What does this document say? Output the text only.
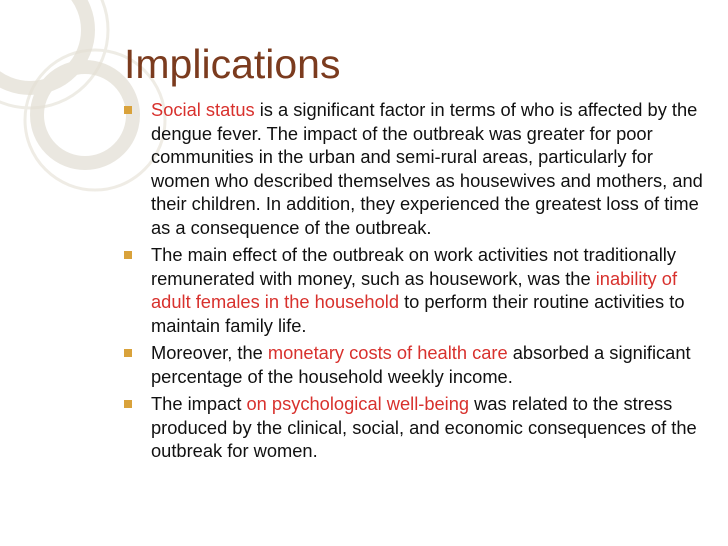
Implications
Social status is a significant factor in terms of who is affected by the dengue fever. The impact of the outbreak was greater for poor communities in the urban and semi-rural areas, particularly for women who described themselves as housewives and mothers, and their children. In addition, they experienced the greatest loss of time as a consequence of the outbreak.
The main effect of the outbreak on work activities not traditionally remunerated with money, such as housework, was the inability of adult females in the household to perform their routine activities to maintain family life.
Moreover, the monetary costs of health care absorbed a significant percentage of the household weekly income.
The impact on psychological well-being was related to the stress produced by the clinical, social, and economic consequences of the outbreak for women.
